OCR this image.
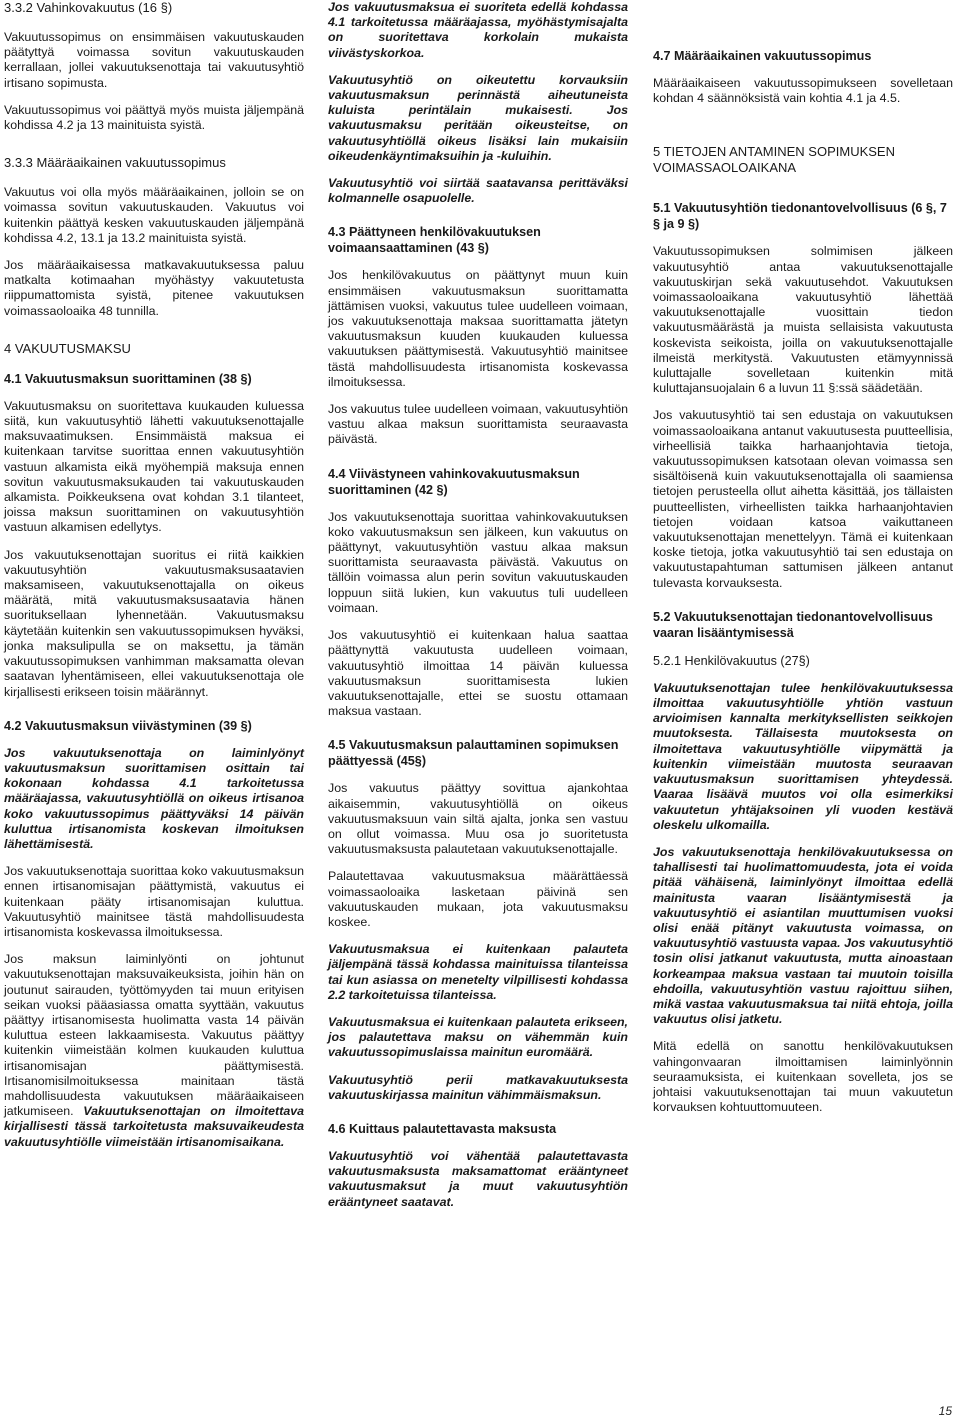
3.3.2 Vahinkovakuutus (16 §)

Vakuutussopimus on ensimmäisen vakuutuskauden päätyttyä voimassa sovitun vakuutuskauden kerrallaan, jollei vakuutuksenottaja tai vakuutusyhtiö irtisano sopimusta.

Vakuutussopimus voi päättyä myös muista jäljempänä kohdissa 4.2 ja 13 mainituista syistä.

3.3.3 Määräaikainen vakuutussopimus

Vakuutus voi olla myös määräaikainen, jolloin se on voimassa sovitun vakuutuskauden. Vakuutus voi kuitenkin päättyä kesken vakuutuskauden jäljempänä kohdissa 4.2, 13.1 ja 13.2 mainituista syistä.

Jos määräaikaisessa matkavakuutuksessa paluu matkalta kotimaahan myöhästyy vakuutetusta riippumattomista syistä, pitenee vakuutuksen voimassaoloaika 48 tunnilla.

4 VAKUUTUSMAKSU
4.1 Vakuutusmaksun suorittaminen (38 §)

Vakuutusmaksu on suoritettava kuukauden kuluessa siitä, kun vakuutusyhtiö lähetti vakuutuksenottajalle maksuvaatimuksen. Ensimmäistä maksua ei kuitenkaan tarvitse suorittaa ennen vakuutusyhtiön vastuun alkamista eikä myöhempiä maksuja ennen sovitun vakuutusmaksukauden tai vakuutuskauden alkamista. Poikkeuksena ovat kohdan 3.1 tilanteet, joissa maksun suorittaminen on vakuutusyhtiön vastuun alkamisen edellytys.

Jos vakuutuksenottajan suoritus ei riitä kaikkien vakuutusyhtiön vakuutusmaksusaatavien maksamiseen, vakuutuksenottajalla on oikeus määrätä, mitä vakuutusmaksusaatavia hänen suorituksellaan lyhennetään. Vakuutusmaksu käytetään kuitenkin sen vakuutussopimuksen hyväksi, jonka maksulipulla se on maksettu, ja tämän vakuutussopimuksen vanhimman maksamatta olevan saatavan lyhentämiseen, ellei vakuutuksenottaja ole kirjallisesti erikseen toisin määrännyt.

4.2 Vakuutusmaksun viivästyminen (39 §)

Jos vakuutuksenottaja on laiminlyönyt vakuutusmaksun suorittamisen osittain tai kokonaan kohdassa 4.1 tarkoitetussa määräajassa, vakuutusyhtiöllä on oikeus irtisanoa koko vakuutussopimus päättyväksi 14 päivän kuluttua irtisanomista koskevan ilmoituksen lähettämisestä.

Jos vakuutuksenottaja suorittaa koko vakuutusmaksun ennen irtisanomisajan päättymistä, vakuutus ei kuitenkaan pääty irtisanomisajan kuluttua. Vakuutusyhtiö mainitsee tästä mahdollisuudesta irtisanomista koskevassa ilmoituksessa.

Jos maksun laiminlyönti on johtunut vakuutuksenottajan maksuvaikeuksista, joihin hän on joutunut sairauden, työttömyyden tai muun erityisen seikan vuoksi pääasiassa omatta syyttään, vakuutus päättyy irtisanomisesta huolimatta vasta 14 päivän kuluttua esteen lakkaamisesta. Vakuutus päättyy kuitenkin viimeistään kolmen kuukauden kuluttua irtisanomisajan päättymisestä. Irtisanomisilmoituksessa mainitaan tästä mahdollisuudesta vakuutuksen määräaikaiseen jatkumiseen. Vakuutuksenottajan on ilmoitettava kirjallisesti tässä tarkoitetusta maksuvaikeudesta vakuutusyhtiölle viimeistään irtisanomisaikana.

Jos vakuutusmaksua ei suoriteta edellä kohdassa 4.1 tarkoitetussa määräajassa, myöhästymisajalta on suoritettava korkolain mukaista viivästyskorkoa.

Vakuutusyhtiö on oikeutettu korvauksiin vakuutusmaksun perinnästä aiheutuneista kuluista perintälain mukaisesti. Jos vakuutusmaksu peritään oikeusteitse, on vakuutusyhtiöllä oikeus lisäksi lain mukaisiin oikeudenkäyntimaksuihin ja -kuluihin.

Vakuutusyhtiö voi siirtää saatavansa perittäväksi kolmannelle osapuolelle.

4.3 Päättyneen henkilövakuutuksen voimaansaattaminen (43 §)

Jos henkilövakuutus on päättynyt muun kuin ensimmäisen vakuutusmaksun suorittamatta jättämisen vuoksi, vakuutus tulee uudelleen voimaan, jos vakuutuksenottaja maksaa suorittamatta jätetyn vakuutusmaksun kuuden kuukauden kuluessa vakuutuksen päättymisestä. Vakuutusyhtiö mainitsee tästä mahdollisuudesta irtisanomista koskevassa ilmoituksessa.

Jos vakuutus tulee uudelleen voimaan, vakuutusyhtiön vastuu alkaa maksun suorittamista seuraavasta päivästä.

4.4 Viivästyneen vahinkovakuutusmaksun suorittaminen (42 §)

Jos vakuutuksenottaja suorittaa vahinkovakuutuksen koko vakuutusmaksun sen jälkeen, kun vakuutus on päättynyt, vakuutusyhtiön vastuu alkaa maksun suorittamista seuraavasta päivästä. Vakuutus on tällöin voimassa alun perin sovitun vakuutuskauden loppuun siitä lukien, kun vakuutus tuli uudelleen voimaan.

Jos vakuutusyhtiö ei kuitenkaan halua saattaa päättynyttä vakuutusta uudelleen voimaan, vakuutusyhtiö ilmoittaa 14 päivän kuluessa vakuutusmaksun suorittamisesta lukien vakuutuksenottajalle, ettei se suostu ottamaan maksua vastaan.

4.5 Vakuutusmaksun palauttaminen sopimuksen päättyessä (45§)

Jos vakuutus päättyy sovittua ajankohtaa aikaisemmin, vakuutusyhtiöllä on oikeus vakuutusmaksuun vain siltä ajalta, jonka sen vastuu on ollut voimassa. Muu osa jo suoritetusta vakuutusmaksusta palautetaan vakuutuksenottajalle.

Palautettavaa vakuutusmaksua määrättäessä voimassaoloaika lasketaan päivinä sen vakuutuskauden mukaan, jota vakuutusmaksu koskee.

Vakuutusmaksua ei kuitenkaan palauteta jäljempänä tässä kohdassa mainituissa tilanteissa tai kun asiassa on menetelty vilpillisesti kohdassa 2.2 tarkoitetuissa tilanteissa.

Vakuutusmaksua ei kuitenkaan palauteta erikseen, jos palautettava maksu on vähemmän kuin vakuutussopimuslaissa mainitun euromäärä.

Vakuutusyhtiö perii matkavakuutuksesta vakuutuskirjassa mainitun vähimmäismaksun.

4.6 Kuittaus palautettavasta maksusta

Vakuutusyhtiö voi vähentää palautettavasta vakuutusmaksusta maksamattomat erääntyneet vakuutusmaksut ja muut vakuutusyhtiön erääntyneet saatavat.

4.7 Määräaikainen vakuutussopimus

Määräaikaiseen vakuutussopimukseen sovelletaan kohdan 4 säännöksistä vain kohtia 4.1 ja 4.5.

5 TIETOJEN ANTAMINEN SOPIMUKSEN VOIMASSAOLOAIKANA
5.1 Vakuutusyhtiön tiedonantovelvollisuus (6 §, 7 § ja 9 §)

Vakuutussopimuksen solmimisen jälkeen vakuutusyhtiö antaa vakuutuksenottajalle vakuutuskirjan sekä vakuutusehdot. Vakuutuksen voimassaoloaikana vakuutusyhtiö lähettää vakuutuksenottajalle vuosittain tiedon vakuutusmäärästä ja muista sellaisista vakuutusta koskevista seikoista, joilla on vakuutuksenottajalle ilmeistä merkitystä. Vakuutusten etämyynnissä kuluttajalle sovelletaan kuitenkin mitä kuluttajansuojalain 6 a luvun 11 §:ssä säädetään.

Jos vakuutusyhtiö tai sen edustaja on vakuutuksen voimassaoloaikana antanut vakuutusesta puutteellisia, virheellisiä taikka harhaanjohtavia tietoja, vakuutussopimuksen katsotaan olevan voimassa sen sisältöisenä kuin vakuutuksenottajalla oli saamiensa tietojen perusteella ollut aihetta käsittää, jos tällaisten puutteellisten, virheellisten taikka harhaanjohtavien tietojen voidaan katsoa vaikuttaneen vakuutuksenottajan menettelyyn. Tämä ei kuitenkaan koske tietoja, jotka vakuutusyhtiö tai sen edustaja on vakuutustapahtuman sattumisen jälkeen antanut tulevasta korvauksesta.

5.2 Vakuutuksenottajan tiedonantovelvollisuus vaaran lisääntymisessä
5.2.1 Henkilövakuutus (27§)

Vakuutuksenottajan tulee henkilövakuutuksessa ilmoittaa vakuutusyhtiölle yhtiön vastuun arvioimisen kannalta merkityksellisten seikkojen muutoksesta. Tällaisesta muutoksesta on ilmoitettava vakuutusyhtiölle viipymättä ja kuitenkin viimeistään muutosta seuraavan vakuutusmaksun suorittamisen yhteydessä. Vaaraa lisäävä muutos voi olla esimerkiksi vakuutetun yhtäjaksoinen yli vuoden kestävä oleskelu ulkomailla.

Jos vakuutuksenottaja henkilövakuutuksessa on tahallisesti tai huolimattomuudesta, jota ei voida pitää vähäisenä, laiminlyönyt ilmoittaa edellä mainitusta vaaran lisääntymisestä ja vakuutusyhtiö ei asiantilan muuttumisen vuoksi olisi enää pitänyt vakuutusta voimassa, on vakuutusyhtiö vastuusta vapaa. Jos vakuutusyhtiö tosin olisi jatkanut vakuutusta, mutta ainoastaan korkeampaa maksua vastaan tai muutoin toisilla ehdoilla, vakuutusyhtiön vastuu rajoittuu siihen, mikä vastaa vakuutusmaksua tai niitä ehtoja, joilla vakuutus olisi jatketu.

Mitä edellä on sanottu henkilövakuutuksen vahingonvaaran ilmoittamisen laiminlyönnin seuraamuksista, ei kuitenkaan sovelleta, jos se johtaisi vakuutuksenottajan tai muun vakuutetun korvauksen kohtuuttomuuteen.

15
